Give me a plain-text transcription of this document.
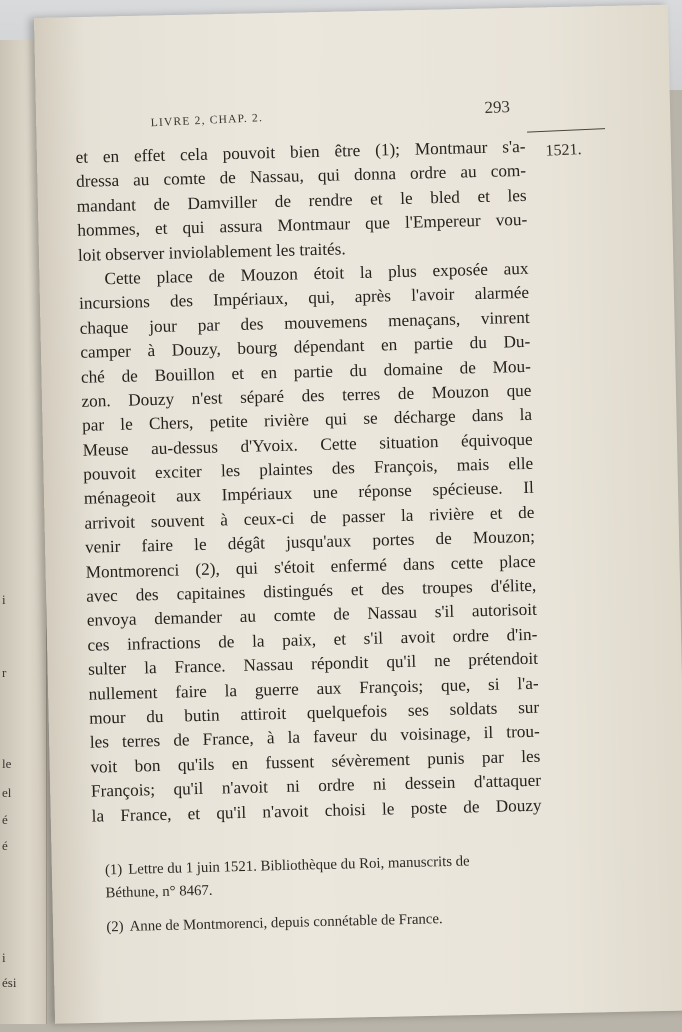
i
r
le
el
é
é
i
ési
LIVRE 2, CHAP. 2.
293
1521.
et en effet cela pouvoit bien être (1); Montmaur s'a-
dressa au comte de Nassau, qui donna ordre au com-
mandant de Damviller de rendre et le bled et les
hommes, et qui assura Montmaur que l'Empereur vou-
loit observer inviolablement les traités.
Cette place de Mouzon étoit la plus exposée aux
incursions des Impériaux, qui, après l'avoir alarmée
chaque jour par des mouvemens menaçans, vinrent
camper à Douzy, bourg dépendant en partie du Du-
ché de Bouillon et en partie du domaine de Mou-
zon. Douzy n'est séparé des terres de Mouzon que
par le Chers, petite rivière qui se décharge dans la
Meuse au-dessus d'Yvoix. Cette situation équivoque
pouvoit exciter les plaintes des François, mais elle
ménageoit aux Impériaux une réponse spécieuse. Il
arrivoit souvent à ceux-ci de passer la rivière et de
venir faire le dégât jusqu'aux portes de Mouzon;
Montmorenci (2), qui s'étoit enfermé dans cette place
avec des capitaines distingués et des troupes d'élite,
envoya demander au comte de Nassau s'il autorisoit
ces infractions de la paix, et s'il avoit ordre d'in-
sulter la France. Nassau répondit qu'il ne prétendoit
nullement faire la guerre aux François; que, si l'a-
mour du butin attiroit quelquefois ses soldats sur
les terres de France, à la faveur du voisinage, il trou-
voit bon qu'ils en fussent sévèrement punis par les
François; qu'il n'avoit ni ordre ni dessein d'attaquer
la France, et qu'il n'avoit choisi le poste de Douzy
(1) Lettre du 1 juin 1521. Bibliothèque du Roi, manuscrits de
Béthune, n° 8467.
(2) Anne de Montmorenci, depuis connétable de France.
